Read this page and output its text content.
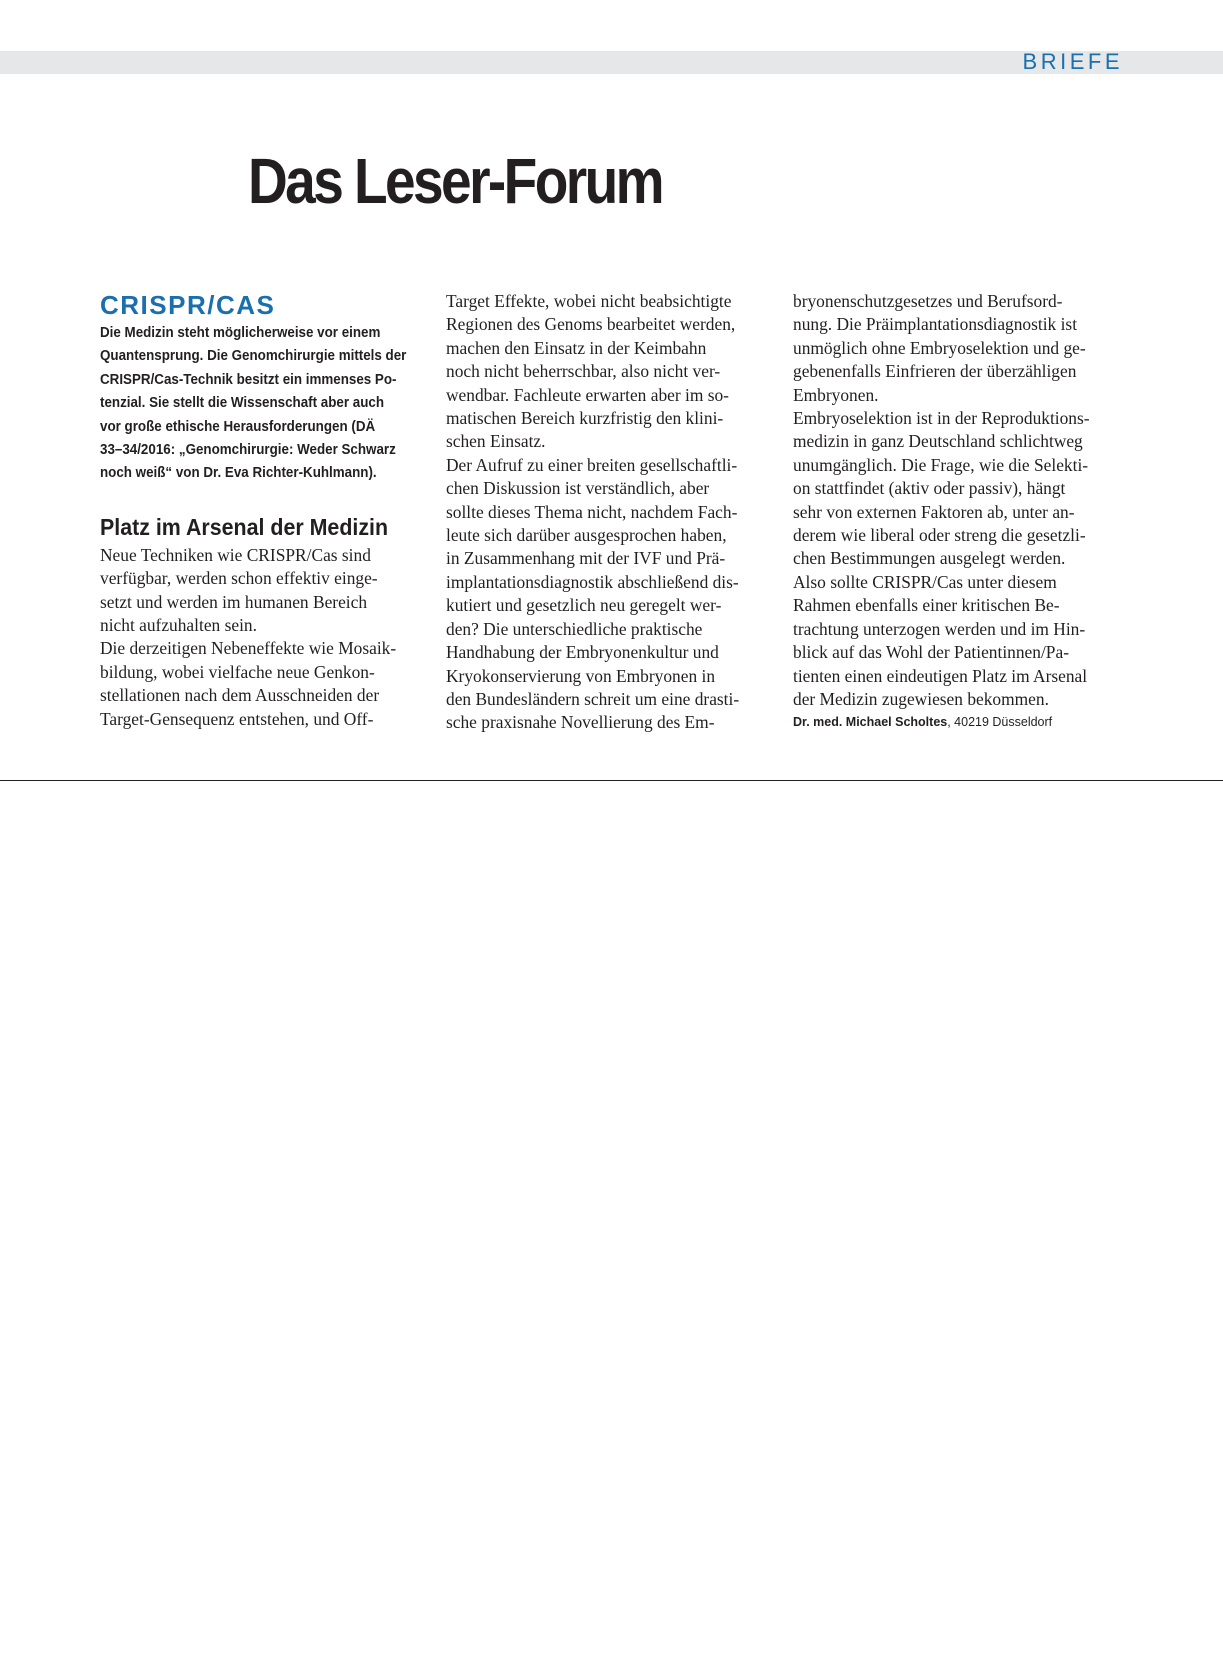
BRIEFE
Das Leser-Forum
CRISPR/CAS
Die Medizin steht möglicherweise vor einem
Quantensprung. Die Genomchirurgie mittels der
CRISPR/Cas-Technik besitzt ein immenses Po-
tenzial. Sie stellt die Wissenschaft aber auch
vor große ethische Herausforderungen (DÄ
33–34/2016: „Genomchirurgie: Weder Schwarz
noch weiß“ von Dr. Eva Richter-Kuhlmann).
Platz im Arsenal der Medizin
Neue Techniken wie CRISPR/Cas sind
verfügbar, werden schon effektiv einge-
setzt und werden im humanen Bereich
nicht aufzuhalten sein.
Die derzeitigen Nebeneffekte wie Mosaik-
bildung, wobei vielfache neue Genkon-
stellationen nach dem Ausschneiden der
Target-Gensequenz entstehen, und Off-
Target Effekte, wobei nicht beabsichtigte
Regionen des Genoms bearbeitet werden,
machen den Einsatz in der Keimbahn
noch nicht beherrschbar, also nicht ver-
wendbar. Fachleute erwarten aber im so-
matischen Bereich kurzfristig den klini-
schen Einsatz.
Der Aufruf zu einer breiten gesellschaftli-
chen Diskussion ist verständlich, aber
sollte dieses Thema nicht, nachdem Fach-
leute sich darüber ausgesprochen haben,
in Zusammenhang mit der IVF und Prä-
implantationsdiagnostik abschließend dis-
kutiert und gesetzlich neu geregelt wer-
den? Die unterschiedliche praktische
Handhabung der Embryonenkultur und
Kryokonservierung von Embryonen in
den Bundesländern schreit um eine drasti-
sche praxisnahe Novellierung des Em-
bryonenschutzgesetzes und Berufsord-
nung. Die Präimplantationsdiagnostik ist
unmöglich ohne Embryoselektion und ge-
gebenenfalls Einfrieren der überzähligen
Embryonen.
Embryoselektion ist in der Reproduktions-
medizin in ganz Deutschland schlichtweg
unumgänglich. Die Frage, wie die Selekti-
on stattfindet (aktiv oder passiv), hängt
sehr von externen Faktoren ab, unter an-
derem wie liberal oder streng die gesetzli-
chen Bestimmungen ausgelegt werden.
Also sollte CRISPR/Cas unter diesem
Rahmen ebenfalls einer kritischen Be-
trachtung unterzogen werden und im Hin-
blick auf das Wohl der Patientinnen/Pa-
tienten einen eindeutigen Platz im Arsenal
der Medizin zugewiesen bekommen.
Dr. med. Michael Scholtes, 40219 Düsseldorf
